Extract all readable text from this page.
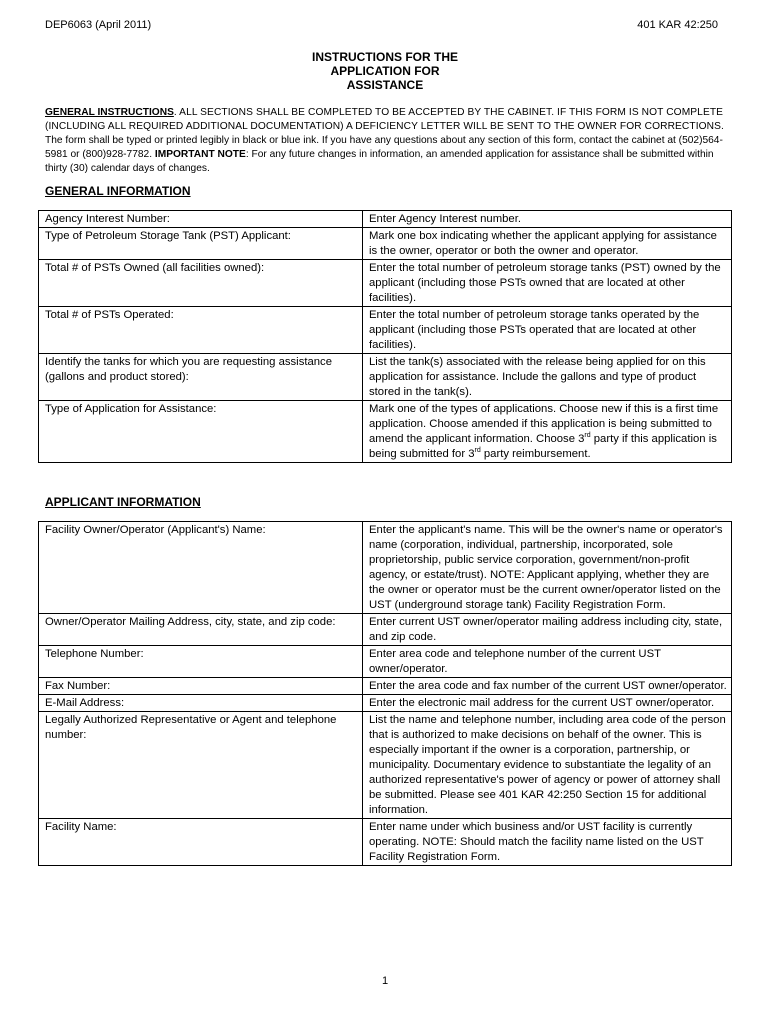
DEP6063 (April 2011)	401 KAR 42:250
INSTRUCTIONS FOR THE
APPLICATION FOR
ASSISTANCE
GENERAL INSTRUCTIONS. ALL SECTIONS SHALL BE COMPLETED TO BE ACCEPTED BY THE CABINET. IF THIS FORM IS NOT COMPLETE (INCLUDING ALL REQUIRED ADDITIONAL DOCUMENTATION) A DEFICIENCY LETTER WILL BE SENT TO THE OWNER FOR CORRECTIONS. The form shall be typed or printed legibly in black or blue ink. If you have any questions about any section of this form, contact the cabinet at (502)564-5981 or (800)928-7782. IMPORTANT NOTE: For any future changes in information, an amended application for assistance shall be submitted within thirty (30) calendar days of changes.
GENERAL INFORMATION
Agency Interest Number:	Enter Agency Interest number.
Type of Petroleum Storage Tank (PST) Applicant:	Mark one box indicating whether the applicant applying for assistance is the owner, operator or both the owner and operator.
Total # of PSTs Owned (all facilities owned):	Enter the total number of petroleum storage tanks (PST) owned by the applicant (including those PSTs owned that are located at other facilities).
Total # of PSTs Operated:	Enter the total number of petroleum storage tanks operated by the applicant (including those PSTs operated that are located at other facilities).
Identify the tanks for which you are requesting assistance (gallons and product stored):	List the tank(s) associated with the release being applied for on this application for assistance. Include the gallons and type of product stored in the tank(s).
Type of Application for Assistance:	Mark one of the types of applications. Choose new if this is a first time application. Choose amended if this application is being submitted to amend the applicant information. Choose 3rd party if this application is being submitted for 3rd party reimbursement.
APPLICANT INFORMATION
Facility Owner/Operator (Applicant's) Name:	Enter the applicant's name. This will be the owner's name or operator's name (corporation, individual, partnership, incorporated, sole proprietorship, public service corporation, government/non-profit agency, or estate/trust). NOTE: Applicant applying, whether they are the owner or operator must be the current owner/operator listed on the UST (underground storage tank) Facility Registration Form.
Owner/Operator Mailing Address, city, state, and zip code:	Enter current UST owner/operator mailing address including city, state, and zip code.
Telephone Number:	Enter area code and telephone number of the current UST owner/operator.
Fax Number:	Enter the area code and fax number of the current UST owner/operator.
E-Mail Address:	Enter the electronic mail address for the current UST owner/operator.
Legally Authorized Representative or Agent and telephone number:	List the name and telephone number, including area code of the person that is authorized to make decisions on behalf of the owner. This is especially important if the owner is a corporation, partnership, or municipality. Documentary evidence to substantiate the legality of an authorized representative's power of agency or power of attorney shall be submitted. Please see 401 KAR 42:250 Section 15 for additional information.
Facility Name:	Enter name under which business and/or UST facility is currently operating. NOTE: Should match the facility name listed on the UST Facility Registration Form.
1
